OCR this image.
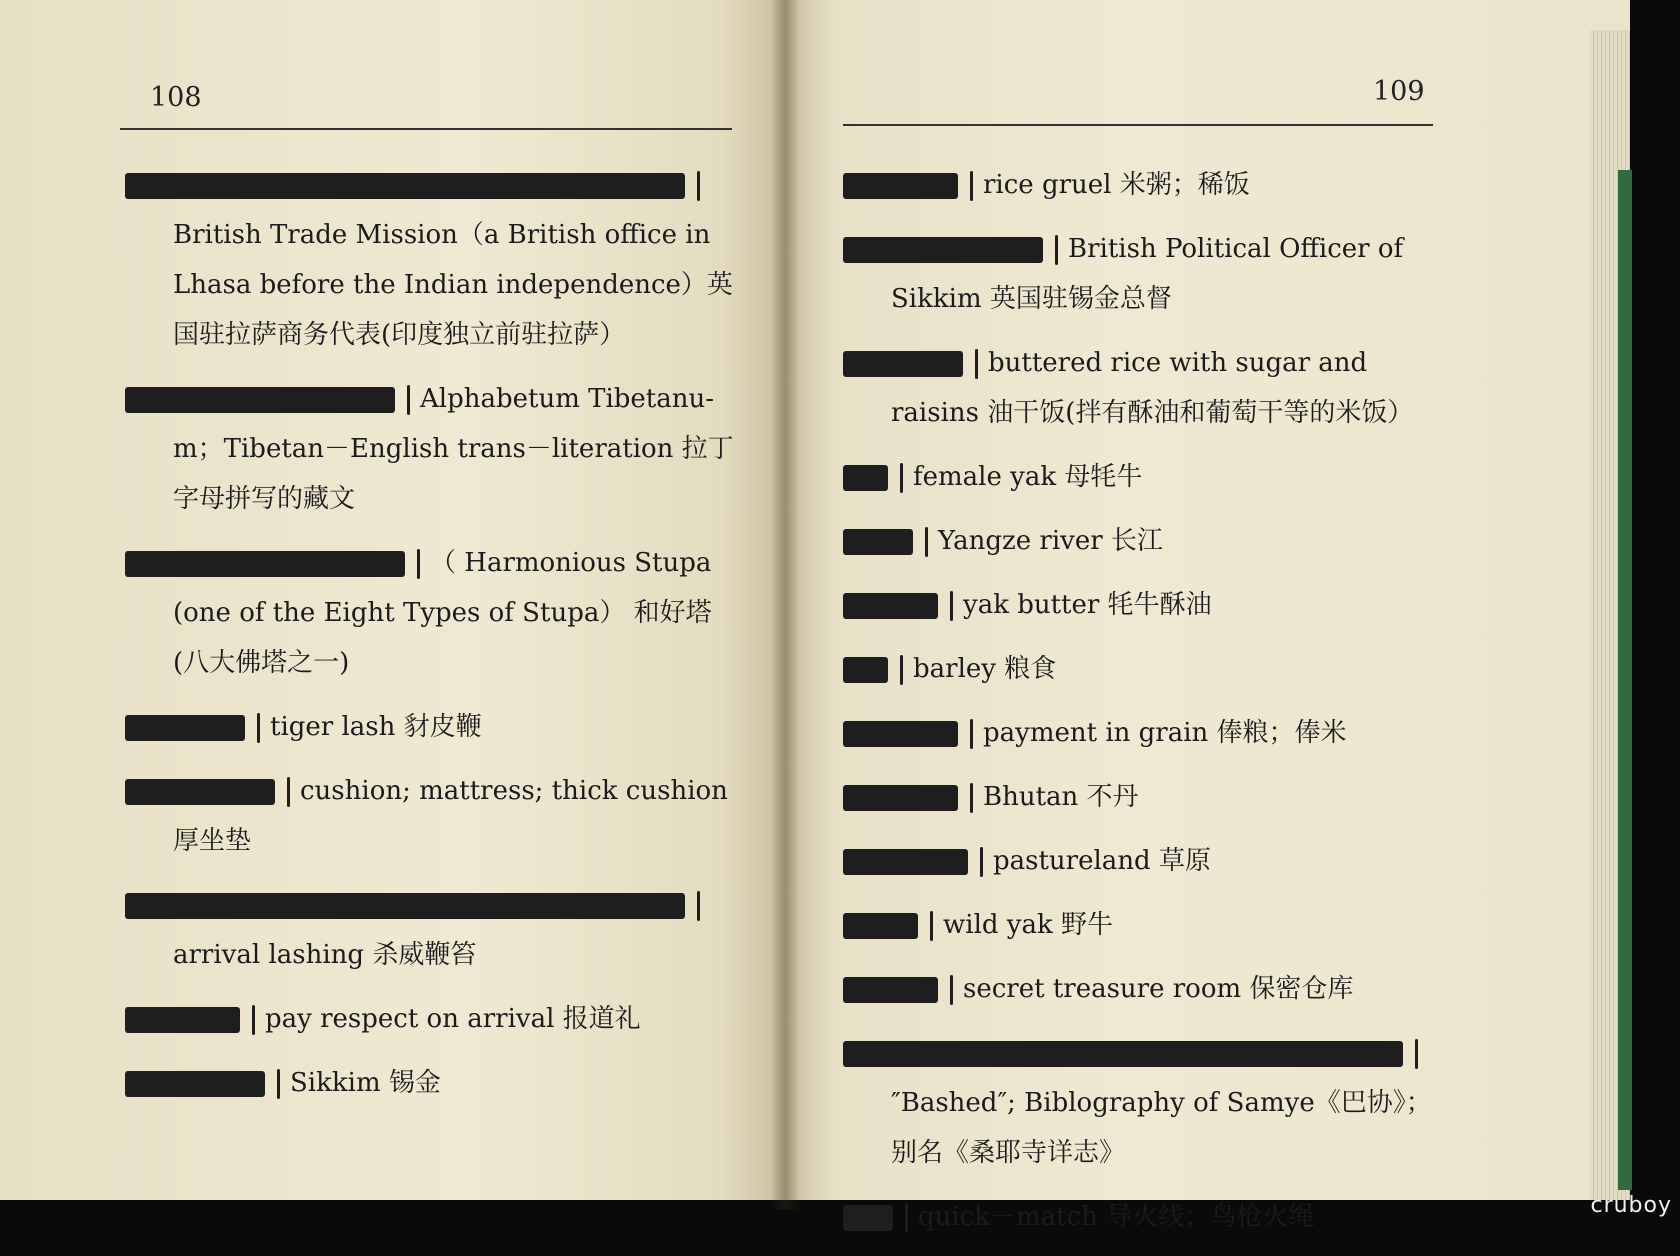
108
British Trade Mission（a British office in Lhasa before the Indian independence）英国驻拉萨商务代表(印度独立前驻拉萨）
Alphabetum Tibetanu-m；Tibetan－English trans－literation 拉丁字母拼写的藏文
（ Harmonious Stupa (one of the Eight Types of Stupa） 和好塔(八大佛塔之一)
tiger lash 豺皮鞭
cushion; mattress; thick cushion 厚坐垫
arrival lashing 杀威鞭笞
pay respect on arrival 报道礼
Sikkim 锡金
109
rice gruel 米粥；稀饭
British Political Officer of Sikkim 英国驻锡金总督
buttered rice with sugar and raisins 油干饭(拌有酥油和葡萄干等的米饭）
female yak 母牦牛
Yangze river 长江
yak butter 牦牛酥油
barley 粮食
payment in grain 俸粮；俸米
Bhutan 不丹
pastureland 草原
wild yak 野牛
secret treasure room 保密仓库
″Bashed″; Biblography of Samye《巴协》；别名《桑耶寺详志》
quick－match 导火线；鸟枪火绳	cruboy
